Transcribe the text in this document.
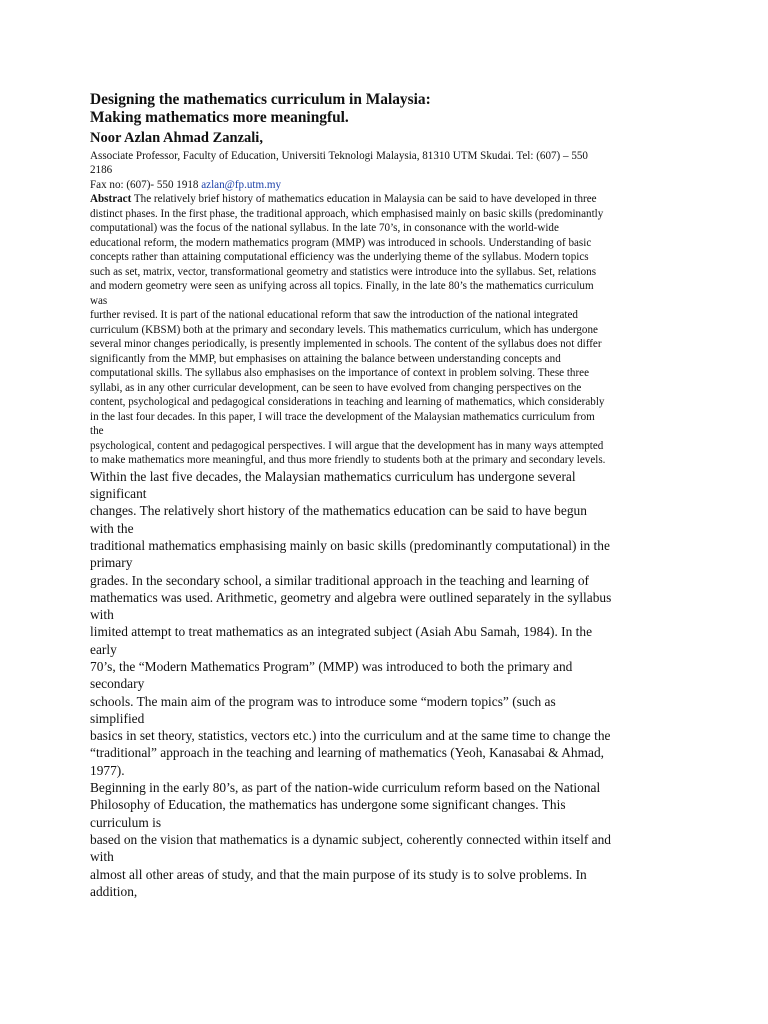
Designing the mathematics curriculum in Malaysia:
Making mathematics more meaningful.
Noor Azlan Ahmad Zanzali,
Associate Professor, Faculty of Education, Universiti Teknologi Malaysia, 81310 UTM Skudai. Tel: (607) – 550
2186
Fax no: (607)- 550 1918 azlan@fp.utm.my
Abstract The relatively brief history of mathematics education in Malaysia can be said to have developed in three
distinct phases. In the first phase, the traditional approach, which emphasised mainly on basic skills (predominantly
computational) was the focus of the national syllabus. In the late 70’s, in consonance with the world-wide
educational reform, the modern mathematics program (MMP) was introduced in schools. Understanding of basic
concepts rather than attaining computational efficiency was the underlying theme of the syllabus. Modern topics
such as set, matrix, vector, transformational geometry and statistics were introduce into the syllabus. Set, relations
and modern geometry were seen as unifying across all topics. Finally, in the late 80’s the mathematics curriculum
was
further revised. It is part of the national educational reform that saw the introduction of the national integrated
curriculum (KBSM) both at the primary and secondary levels. This mathematics curriculum, which has undergone
several minor changes periodically, is presently implemented in schools. The content of the syllabus does not differ
significantly from the MMP, but emphasises on attaining the balance between understanding concepts and
computational skills. The syllabus also emphasises on the importance of context in problem solving. These three
syllabi, as in any other curricular development, can be seen to have evolved from changing perspectives on the
content, psychological and pedagogical considerations in teaching and learning of mathematics, which considerably
in the last four decades. In this paper, I will trace the development of the Malaysian mathematics curriculum from
the
psychological, content and pedagogical perspectives. I will argue that the development has in many ways attempted
to make mathematics more meaningful, and thus more friendly to students both at the primary and secondary levels.
Within the last five decades, the Malaysian mathematics curriculum has undergone several
significant
changes. The relatively short history of the mathematics education can be said to have begun
with the
traditional mathematics emphasising mainly on basic skills (predominantly computational) in the
primary
grades. In the secondary school, a similar traditional approach in the teaching and learning of
mathematics was used. Arithmetic, geometry and algebra were outlined separately in the syllabus
with
limited attempt to treat mathematics as an integrated subject (Asiah Abu Samah, 1984). In the
early
70’s, the “Modern Mathematics Program” (MMP) was introduced to both the primary and
secondary
schools. The main aim of the program was to introduce some “modern topics” (such as
simplified
basics in set theory, statistics, vectors etc.) into the curriculum and at the same time to change the
“traditional” approach in the teaching and learning of mathematics (Yeoh, Kanasabai & Ahmad,
1977).
Beginning in the early 80’s, as part of the nation-wide curriculum reform based on the National
Philosophy of Education, the mathematics has undergone some significant changes. This
curriculum is
based on the vision that mathematics is a dynamic subject, coherently connected within itself and
with
almost all other areas of study, and that the main purpose of its study is to solve problems. In
addition,
